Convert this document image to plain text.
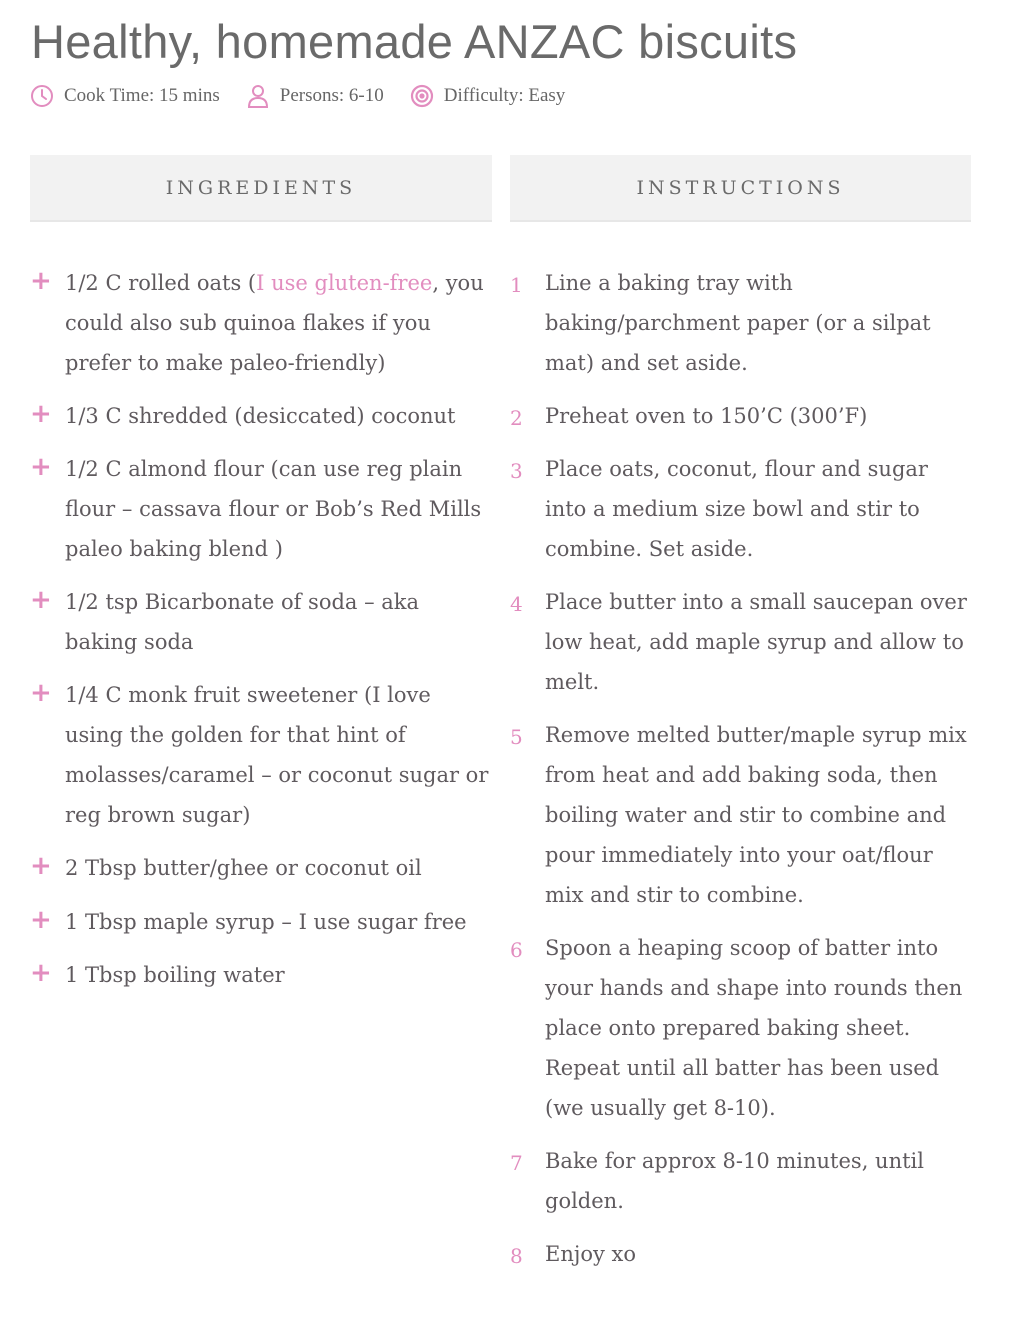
Healthy, homemade ANZAC biscuits
Cook Time: 15 mins	Persons: 6-10	Difficulty: Easy
INGREDIENTS	INSTRUCTIONS
+ 1/2 C rolled oats (I use gluten-free, you could also sub quinoa flakes if you prefer to make paleo-friendly)
+ 1/3 C shredded (desiccated) coconut
+ 1/2 C almond flour (can use reg plain flour – cassava flour or Bob’s Red Mills paleo baking blend )
+ 1/2 tsp Bicarbonate of soda – aka baking soda
+ 1/4 C monk fruit sweetener (I love using the golden for that hint of molasses/caramel – or coconut sugar or reg brown sugar)
+ 2 Tbsp butter/ghee or coconut oil
+ 1 Tbsp maple syrup – I use sugar free
+ 1 Tbsp boiling water
1	Line a baking tray with baking/parchment paper (or a silpat mat) and set aside.
2	Preheat oven to 150’C (300’F)
3	Place oats, coconut, flour and sugar into a medium size bowl and stir to combine. Set aside.
4	Place butter into a small saucepan over low heat, add maple syrup and allow to melt.
5	Remove melted butter/maple syrup mix from heat and add baking soda, then boiling water and stir to combine and pour immediately into your oat/flour mix and stir to combine.
6	Spoon a heaping scoop of batter into your hands and shape into rounds then place onto prepared baking sheet. Repeat until all batter has been used (we usually get 8-10).
7	Bake for approx 8-10 minutes, until golden.
8	Enjoy xo
